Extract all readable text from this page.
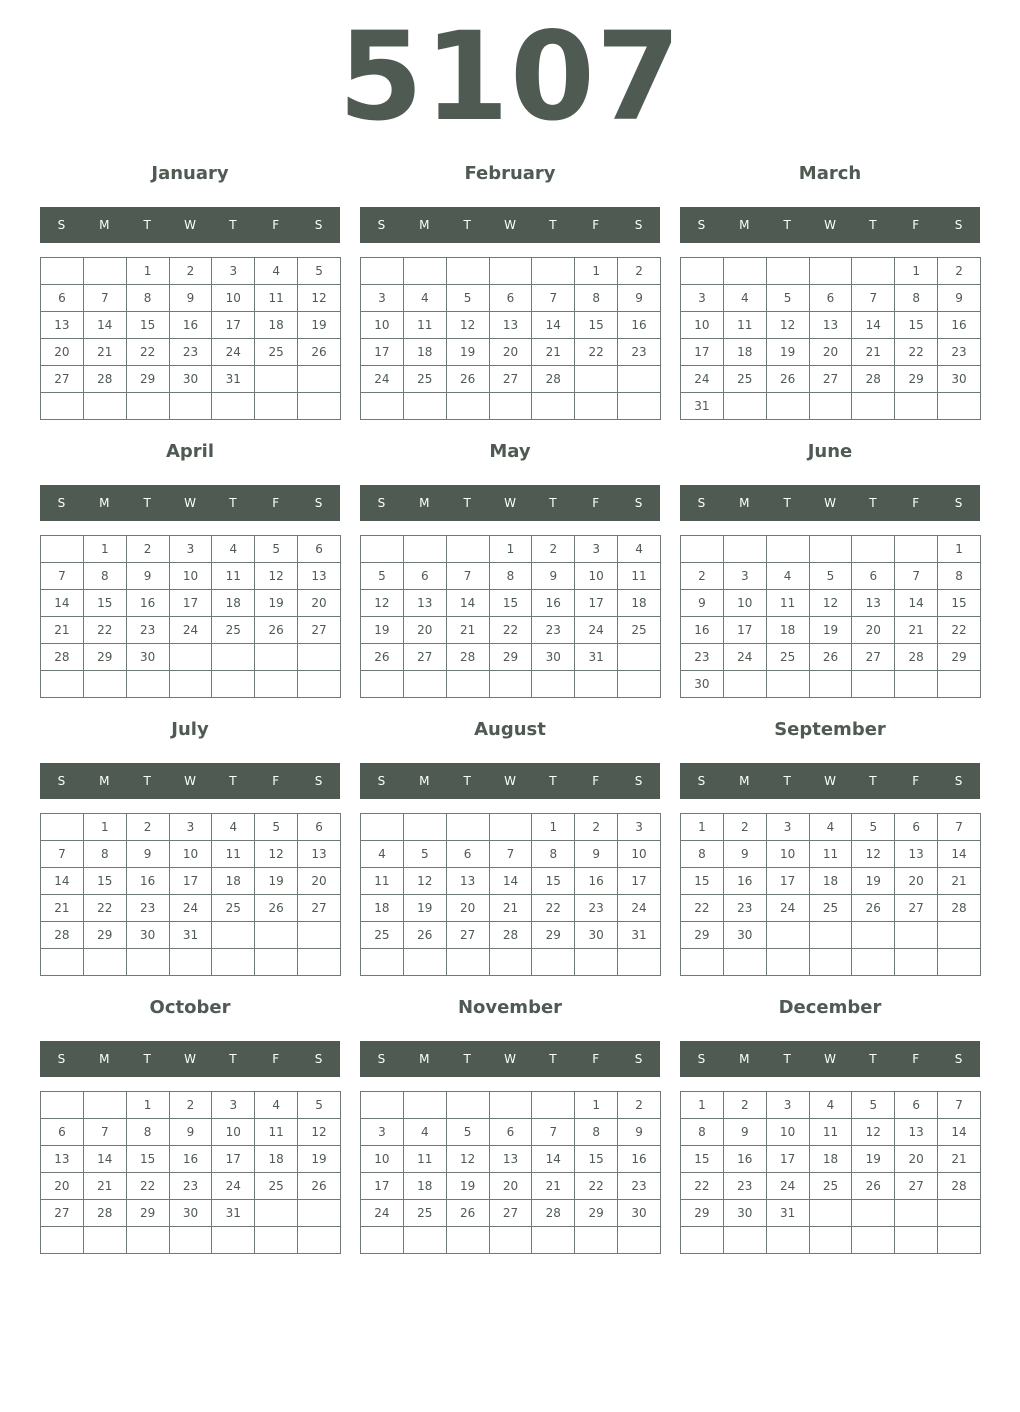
5107
January
S	M	T	W	T	F	S
		1	2	3	4	5
6	7	8	9	10	11	12
13	14	15	16	17	18	19
20	21	22	23	24	25	26
27	28	29	30	31		

February
S	M	T	W	T	F	S
					1	2
3	4	5	6	7	8	9
10	11	12	13	14	15	16
17	18	19	20	21	22	23
24	25	26	27	28		

March
S	M	T	W	T	F	S
					1	2
3	4	5	6	7	8	9
10	11	12	13	14	15	16
17	18	19	20	21	22	23
24	25	26	27	28	29	30
31						
April
S	M	T	W	T	F	S
	1	2	3	4	5	6
7	8	9	10	11	12	13
14	15	16	17	18	19	20
21	22	23	24	25	26	27
28	29	30				

May
S	M	T	W	T	F	S
			1	2	3	4
5	6	7	8	9	10	11
12	13	14	15	16	17	18
19	20	21	22	23	24	25
26	27	28	29	30	31	

June
S	M	T	W	T	F	S
						1
2	3	4	5	6	7	8
9	10	11	12	13	14	15
16	17	18	19	20	21	22
23	24	25	26	27	28	29
30						
July
S	M	T	W	T	F	S
	1	2	3	4	5	6
7	8	9	10	11	12	13
14	15	16	17	18	19	20
21	22	23	24	25	26	27
28	29	30	31			

August
S	M	T	W	T	F	S
				1	2	3
4	5	6	7	8	9	10
11	12	13	14	15	16	17
18	19	20	21	22	23	24
25	26	27	28	29	30	31

September
S	M	T	W	T	F	S
1	2	3	4	5	6	7
8	9	10	11	12	13	14
15	16	17	18	19	20	21
22	23	24	25	26	27	28
29	30					

October
S	M	T	W	T	F	S
		1	2	3	4	5
6	7	8	9	10	11	12
13	14	15	16	17	18	19
20	21	22	23	24	25	26
27	28	29	30	31		

November
S	M	T	W	T	F	S
					1	2
3	4	5	6	7	8	9
10	11	12	13	14	15	16
17	18	19	20	21	22	23
24	25	26	27	28	29	30

December
S	M	T	W	T	F	S
1	2	3	4	5	6	7
8	9	10	11	12	13	14
15	16	17	18	19	20	21
22	23	24	25	26	27	28
29	30	31				
